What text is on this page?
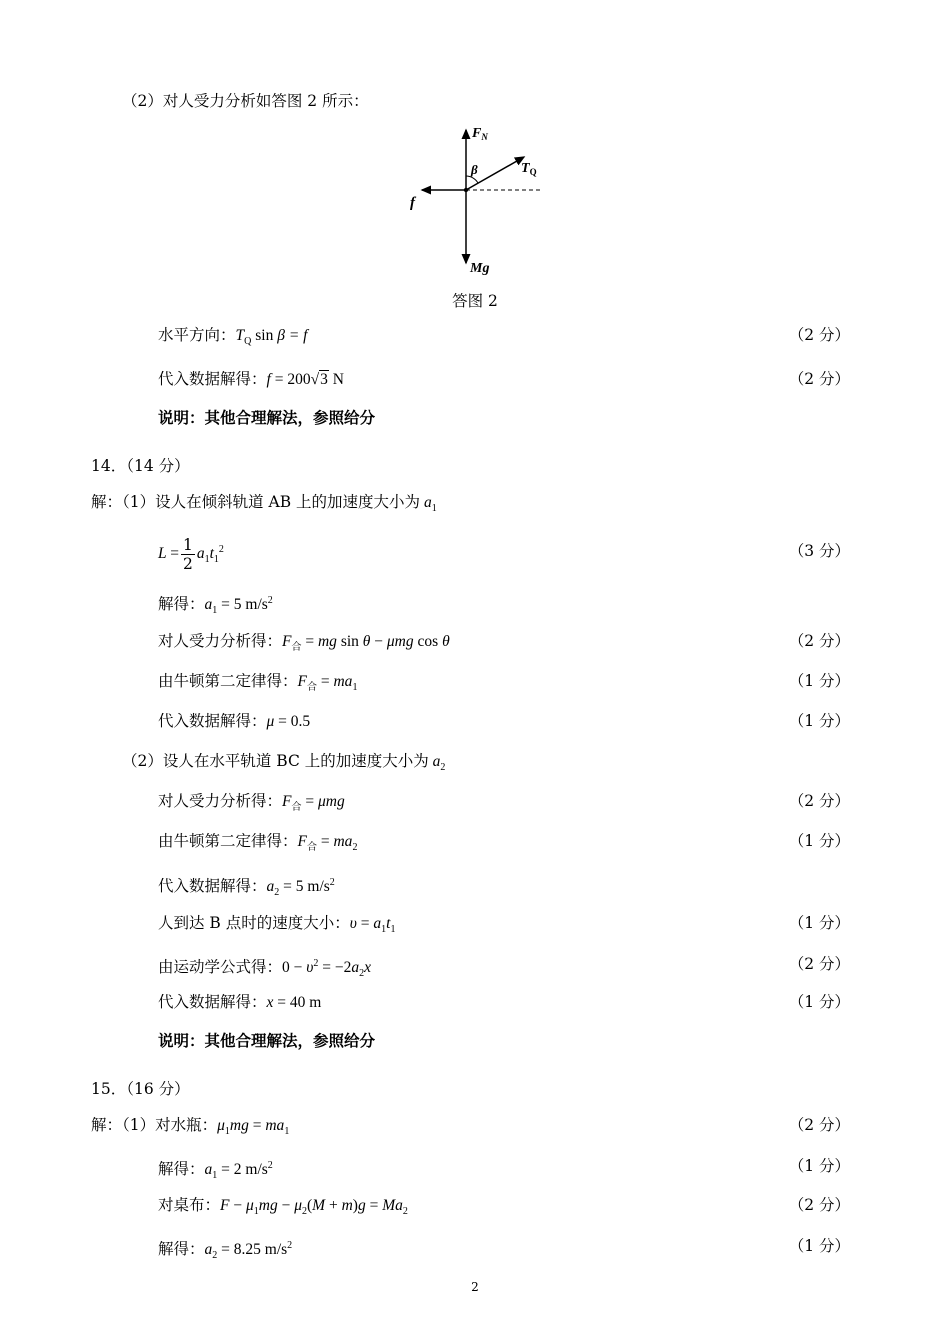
（2）对人受力分析如答图 2 所示：
$F_N$
$T_Q$
β
f
Mg
答图 2
水平方向：$T_Q$ sin β = f	（2 分）
代入数据解得：f = 200√3 N	（2 分）
说明：其他合理解法，参照给分
14．（14 分）
解：（1）设人在倾斜轨道 AB 上的加速度大小为 $a_1$
$L = \frac{1}{2} a_1t_1^2$	（3 分）
解得：$a_1 = 5$ $m/s^2$
对人受力分析得：$F_合$ = mg sin θ − μmg cos θ	（2 分）
由牛顿第二定律得：$F_合 = ma_1$	（1 分）
代入数据解得：μ = 0.5	（1 分）
（2）设人在水平轨道 BC 上的加速度大小为 $a_2$
对人受力分析得：$F_合 = \mu mg$	（2 分）
由牛顿第二定律得：$F_合 = ma_2$	（1 分）
代入数据解得：$a_2 = 5$ $m/s^2$
人到达 B 点时的速度大小：$\upsilon = a_1t_1$	（1 分）
由运动学公式得：$0 - \upsilon^2 = -2a_2x$	（2 分）
代入数据解得：x = 40 m	（1 分）
说明：其他合理解法，参照给分
15．（16 分）
解：（1）对水瓶：$\mu_1mg = ma_1$	（2 分）
解得：$a_1 = 2$ $m/s^2$	（1 分）
对桌布：$F - \mu_1mg - \mu_2(M + m)g = Ma_2$	（2 分）
解得：$a_2 = 8.25$ $m/s^2$	（1 分）
2
